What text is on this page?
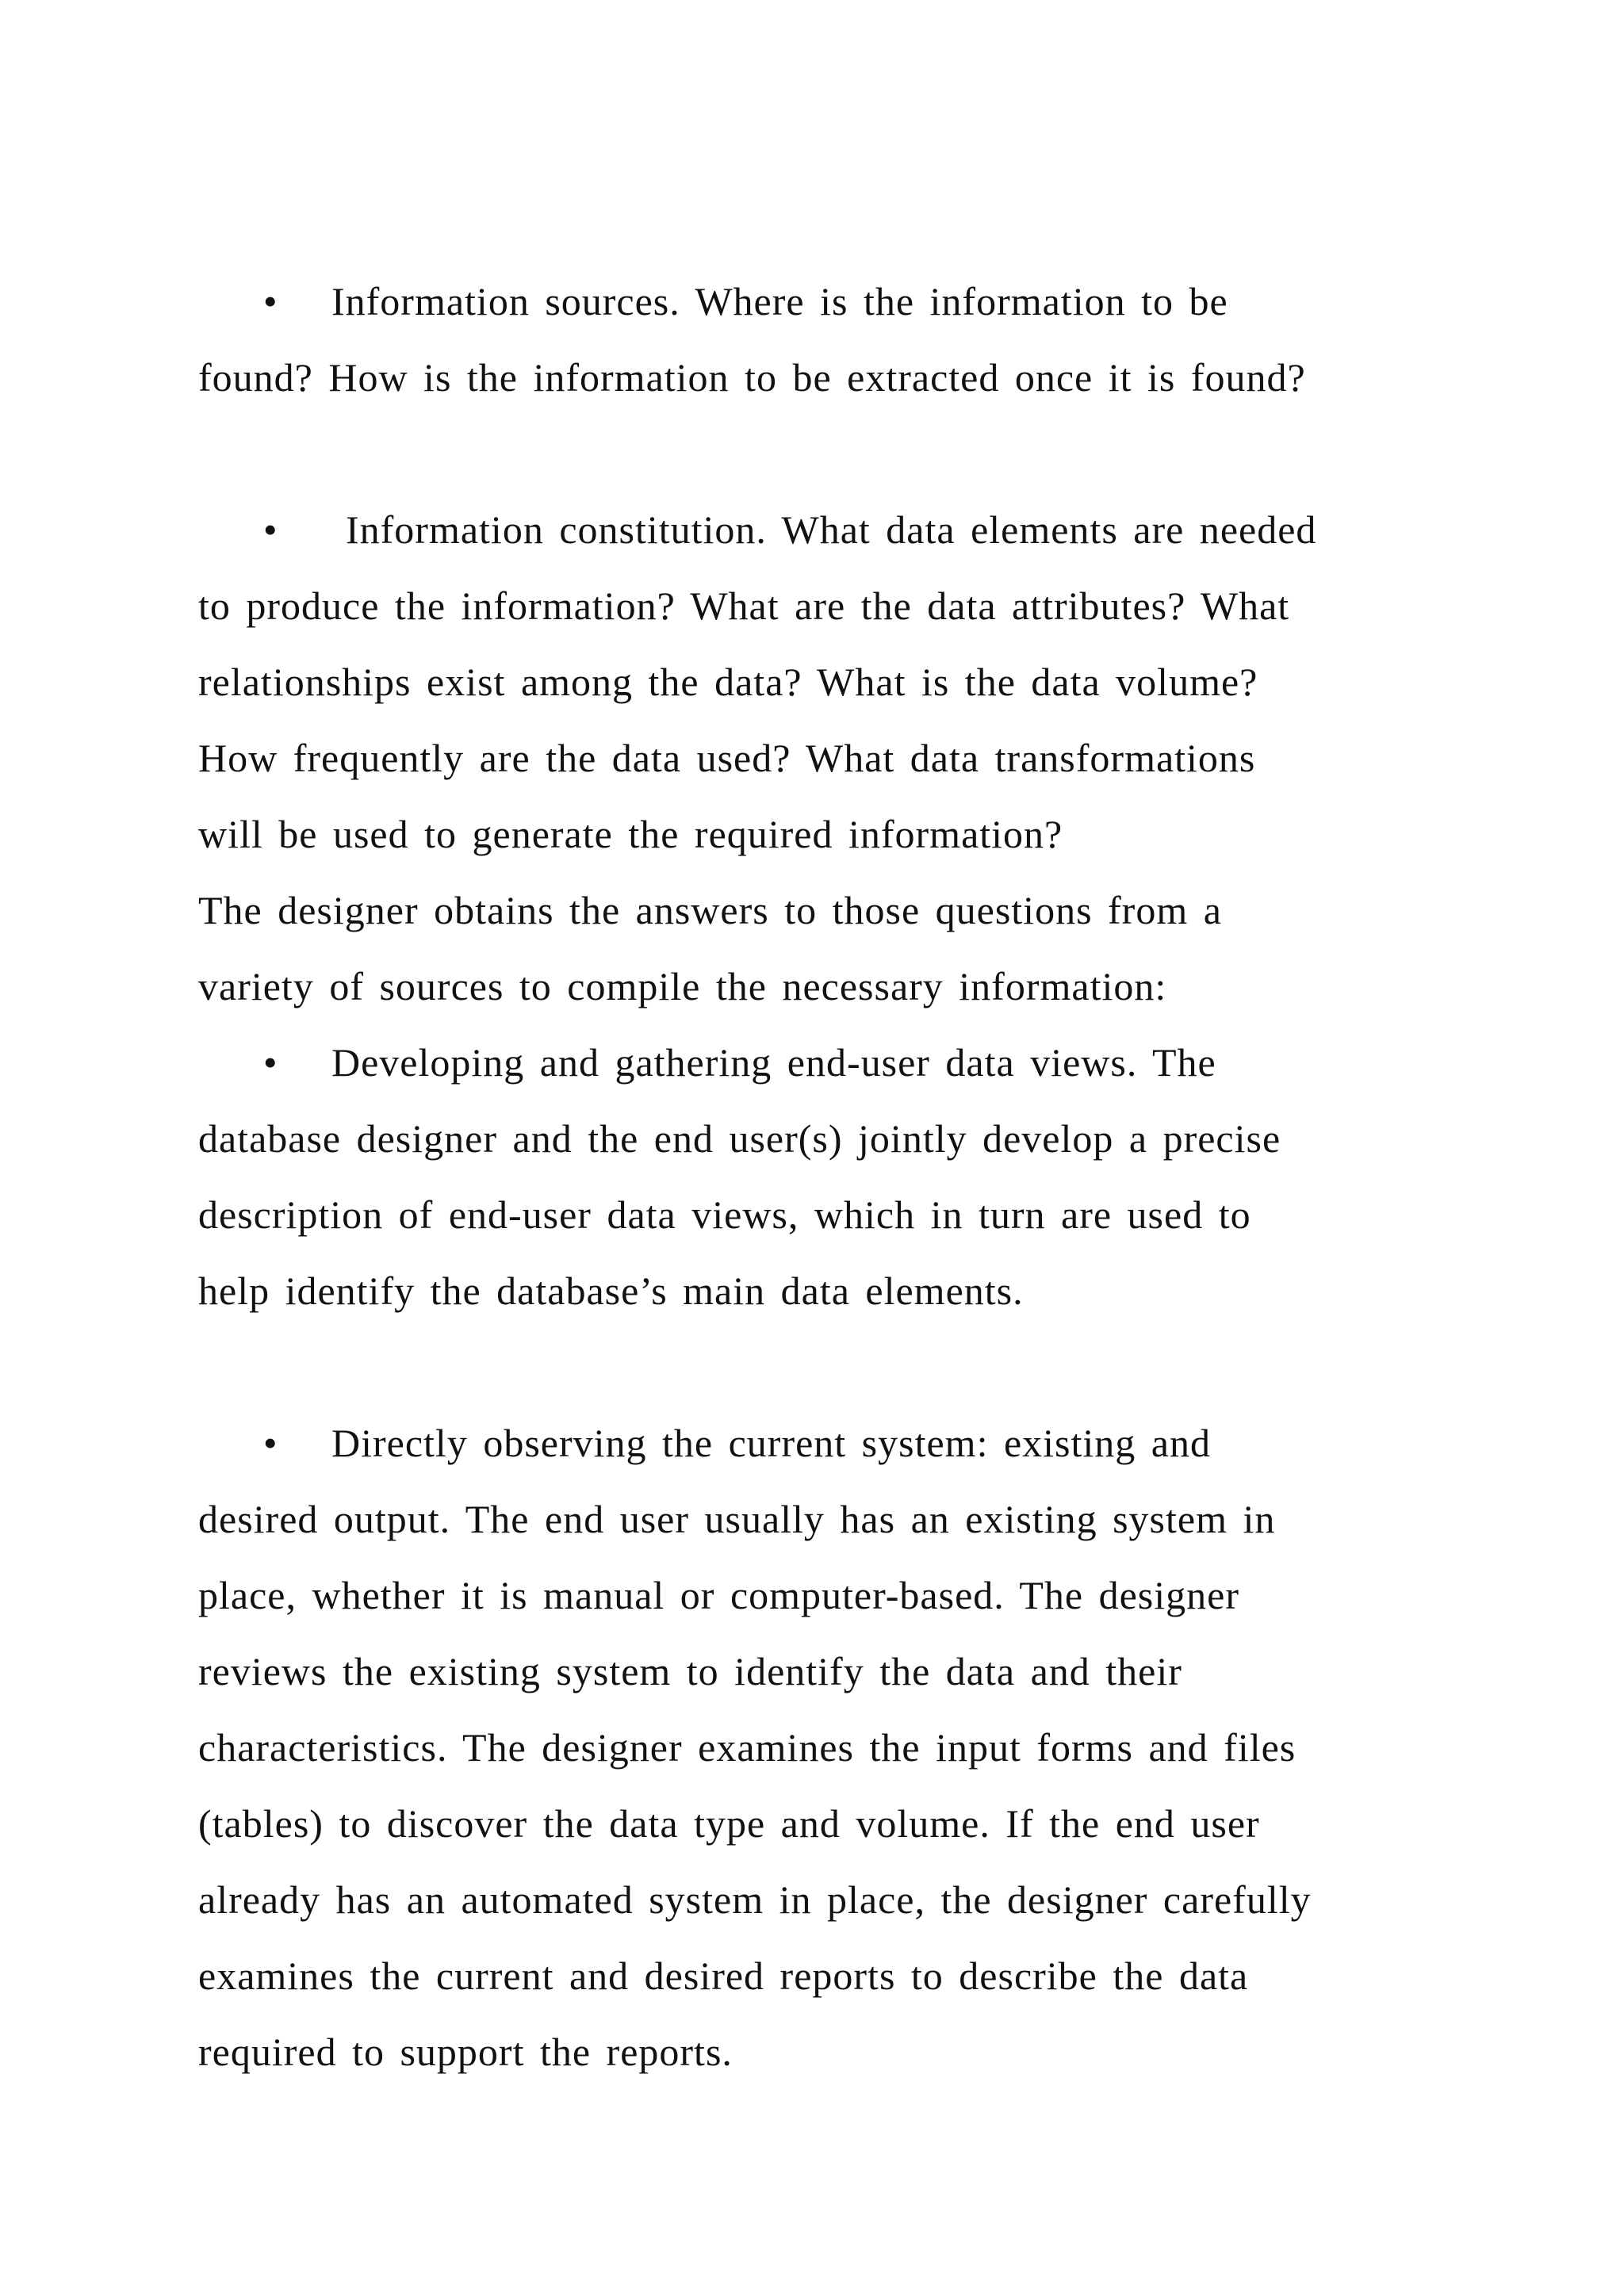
• Information sources. Where is the information to be

found? How is the information to be extracted once it is found?

• Information constitution. What data elements are needed

to produce the information? What are the data attributes? What

relationships exist among the data? What is the data volume?

How frequently are the data used? What data transformations

will be used to generate the required information?

The designer obtains the answers to those questions from a

variety of sources to compile the necessary information:

• Developing and gathering end-user data views. The

database designer and the end user(s) jointly develop a precise

description of end-user data views, which in turn are used to

help identify the database’s main data elements.

• Directly observing the current system: existing and

desired output. The end user usually has an existing system in

place, whether it is manual or computer-based. The designer

reviews the existing system to identify the data and their

characteristics. The designer examines the input forms and files

(tables) to discover the data type and volume. If the end user

already has an automated system in place, the designer carefully

examines the current and desired reports to describe the data

required to support the reports.
